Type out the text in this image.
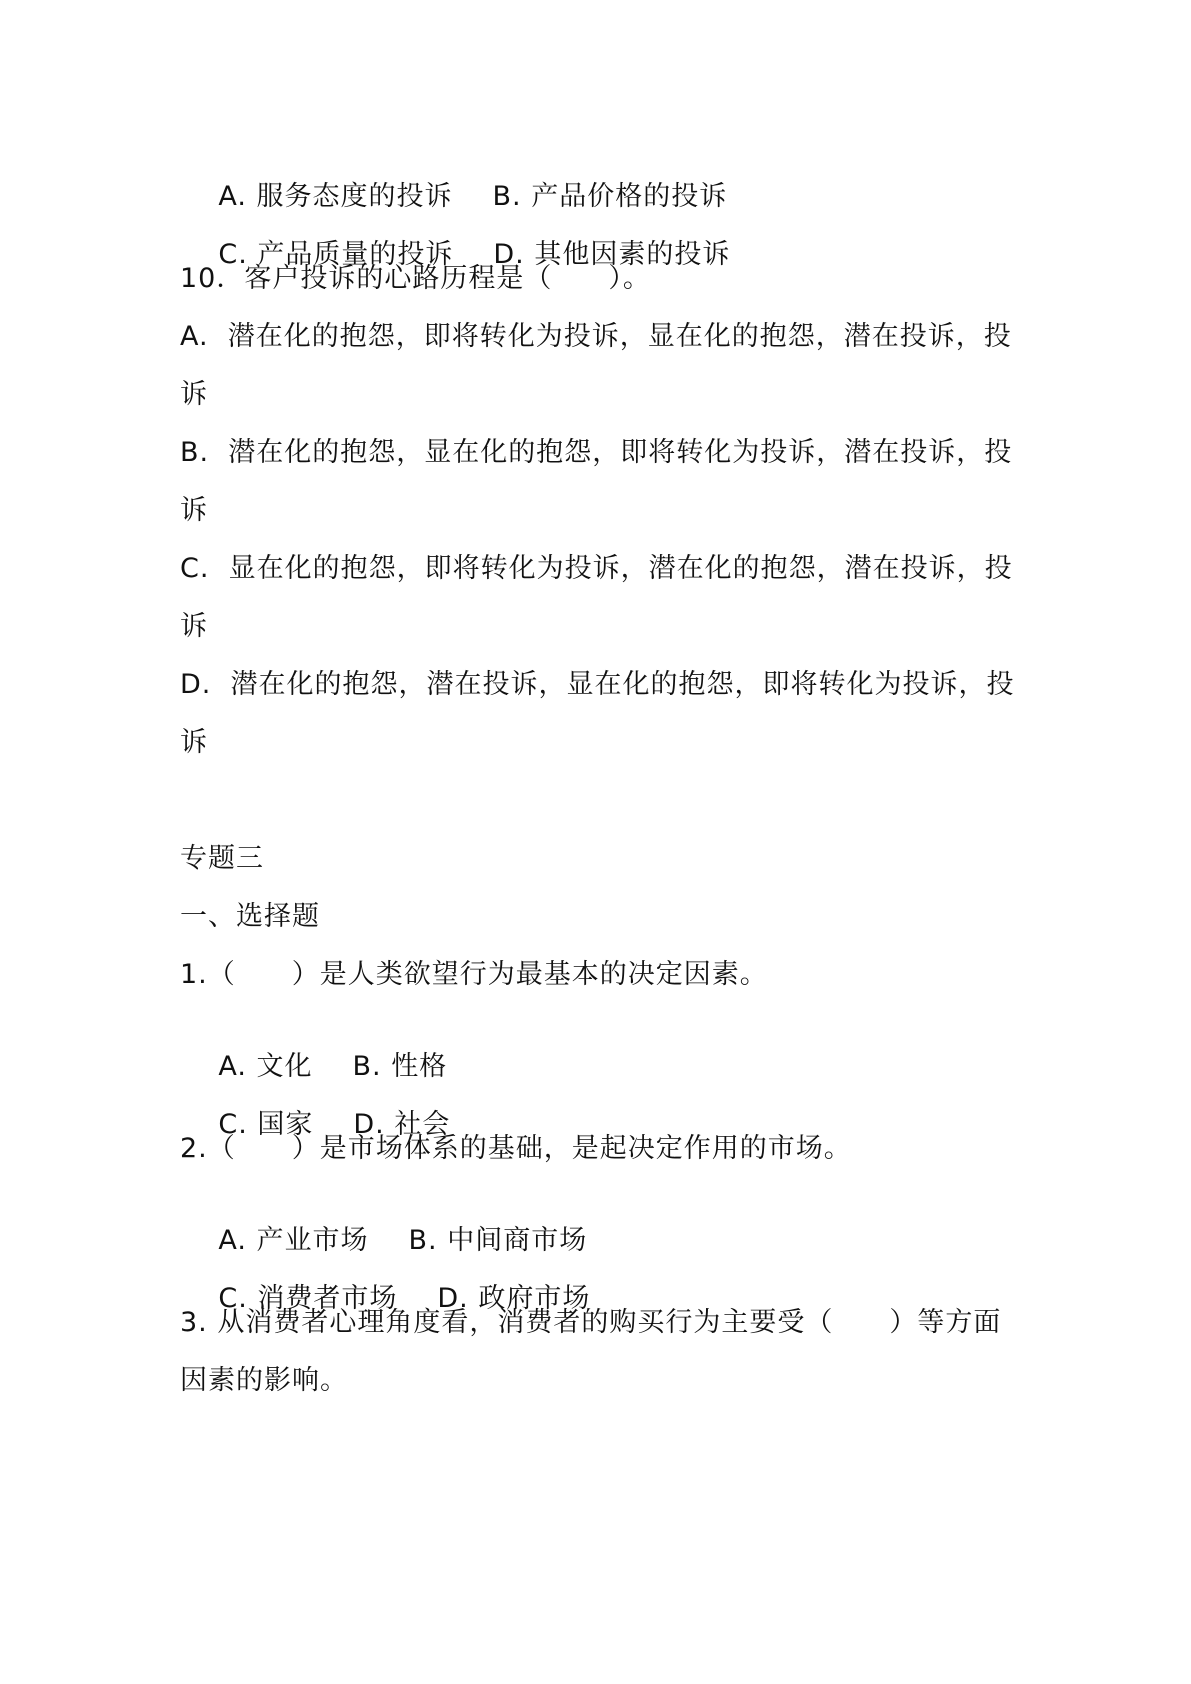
A. 服务态度的投诉 B. 产品价格的投诉

C. 产品质量的投诉 D. 其他因素的投诉

10．客户投诉的心路历程是（　　）。
A.  潜在化的抱怨，即将转化为投诉，显在化的抱怨，潜在投诉，投
诉
B.  潜在化的抱怨，显在化的抱怨，即将转化为投诉，潜在投诉，投
诉
C.  显在化的抱怨，即将转化为投诉，潜在化的抱怨，潜在投诉，投
诉
D.  潜在化的抱怨，潜在投诉，显在化的抱怨，即将转化为投诉，投
诉
专题三
一、选择题
1.（　　）是人类欲望行为最基本的决定因素。

A. 文化 B. 性格

C. 国家 D. 社会

2.（　　）是市场体系的基础，是起决定作用的市场。

A. 产业市场 B. 中间商市场

C. 消费者市场 D. 政府市场

3. 从消费者心理角度看，消费者的购买行为主要受（　　）等方面
因素的影响。
